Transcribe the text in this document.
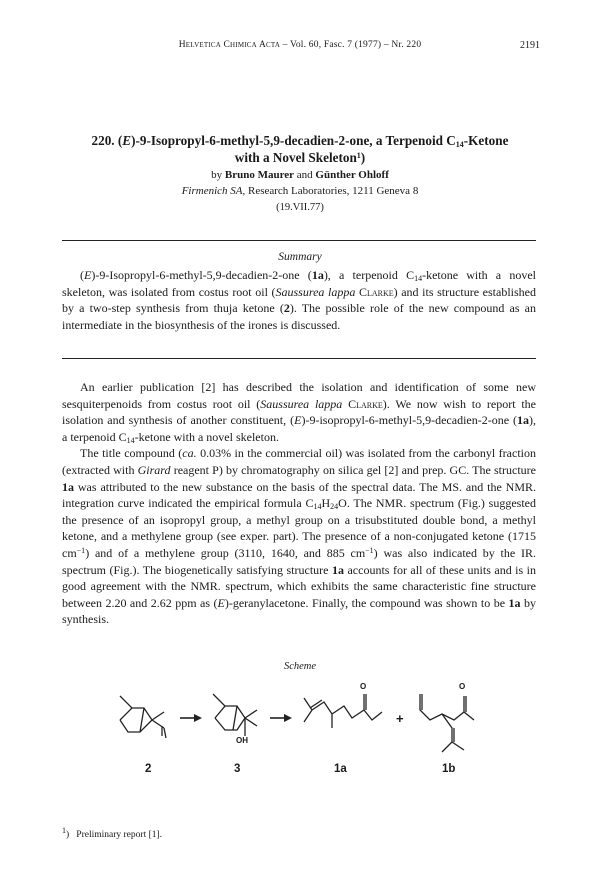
Helvetica Chimica Acta – Vol. 60, Fasc. 7 (1977) – Nr. 220	2191
220. (E)-9-Isopropyl-6-methyl-5,9-decadien-2-one, a Terpenoid $C_{14}$-Ketone
with a Novel Skeleton$^1$)
by Bruno Maurer and Günther Ohloff
Firmenich SA, Research Laboratories, 1211 Geneva 8
(19.VII.77)
Summary

(E)-9-Isopropyl-6-methyl-5,9-decadien-2-one (1a), a terpenoid $C_{14}$-ketone with a novel skeleton, was isolated from costus root oil (Saussurea lappa Clarke) and its structure established by a two-step synthesis from thuja ketone (2). The possible role of the new compound as an intermediate in the biosynthesis of the irones is discussed.

An earlier publication [2] has described the isolation and identification of some new sesquiterpenoids from costus root oil (Saussurea lappa Clarke). We now wish to report the isolation and synthesis of another constituent, (E)-9-isopropyl-6-methyl-5,9-decadien-2-one (1a), a terpenoid $C_{14}$-ketone with a novel skeleton.

The title compound (ca. 0.03% in the commercial oil) was isolated from the carbonyl fraction (extracted with Girard reagent P) by chromatography on silica gel [2] and prep. GC. The structure 1a was attributed to the new substance on the basis of the spectral data. The MS. and the NMR. integration curve indicated the empirical formula $C_{14}H_{24}O$. The NMR. spectrum (Fig.) suggested the presence of an isopropyl group, a methyl group on a trisubstituted double bond, a methyl ketone, and a methylene group (see exper. part). The presence of a non-conjugated ketone (1715 $cm^{-1}$) and of a methylene group (3110, 1640, and 885 $cm^{-1}$) was also indicated by the IR. spectrum (Fig.). The biogenetically satisfying structure 1a accounts for all of these units and is in good agreement with the NMR. spectrum, which exhibits the same characteristic fine structure between 2.20 and 2.62 ppm as (E)-geranylacetone. Finally, the compound was shown to be 1a by synthesis.

Scheme
OH
O
+
O
2	3	1a	1b
$^1$) Preliminary report [1].
